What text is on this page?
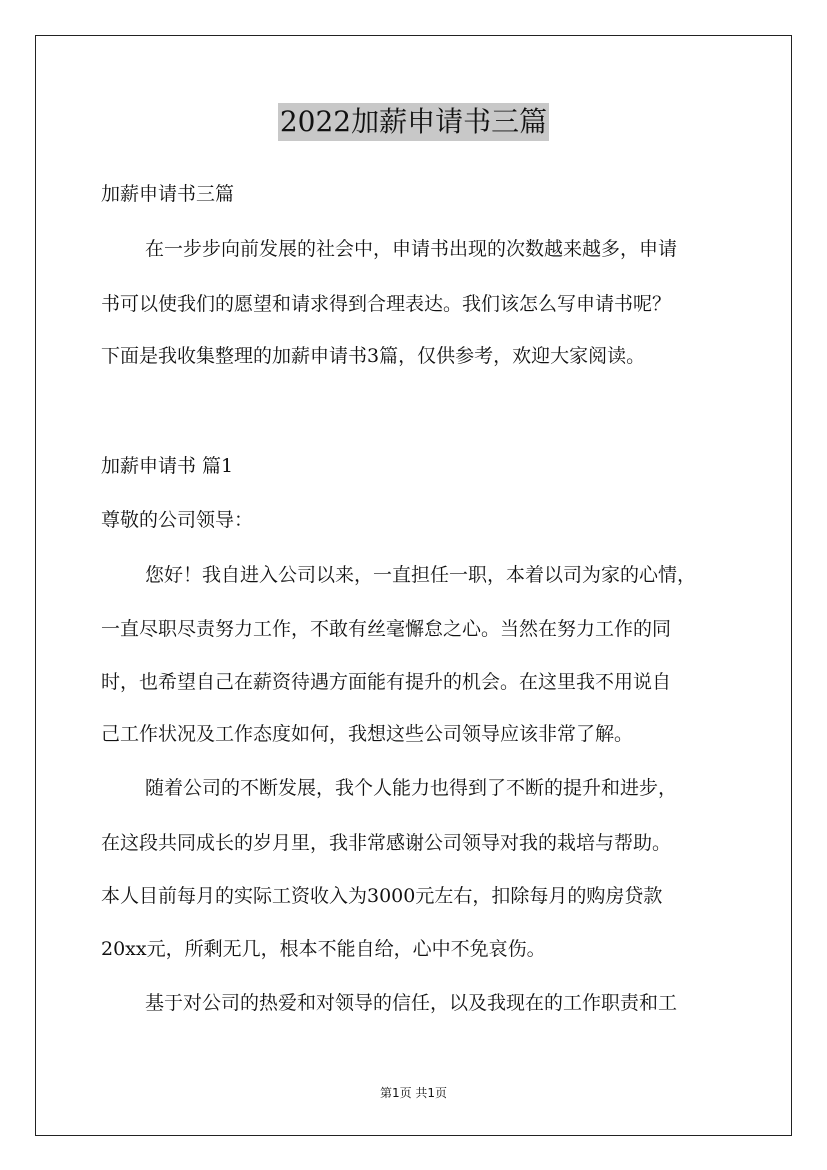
2022加薪申请书三篇
加薪申请书三篇
在一步步向前发展的社会中，申请书出现的次数越来越多，申请
书可以使我们的愿望和请求得到合理表达。我们该怎么写申请书呢？
下面是我收集整理的加薪申请书3篇，仅供参考，欢迎大家阅读。
加薪申请书 篇1
尊敬的公司领导：
您好！我自进入公司以来，一直担任一职，本着以司为家的心情，
一直尽职尽责努力工作，不敢有丝毫懈怠之心。当然在努力工作的同
时，也希望自己在薪资待遇方面能有提升的机会。在这里我不用说自
己工作状况及工作态度如何，我想这些公司领导应该非常了解。
随着公司的不断发展，我个人能力也得到了不断的提升和进步，
在这段共同成长的岁月里，我非常感谢公司领导对我的栽培与帮助。
本人目前每月的实际工资收入为3000元左右，扣除每月的购房贷款
20xx元，所剩无几，根本不能自给，心中不免哀伤。
基于对公司的热爱和对领导的信任，以及我现在的工作职责和工
第1页 共1页
